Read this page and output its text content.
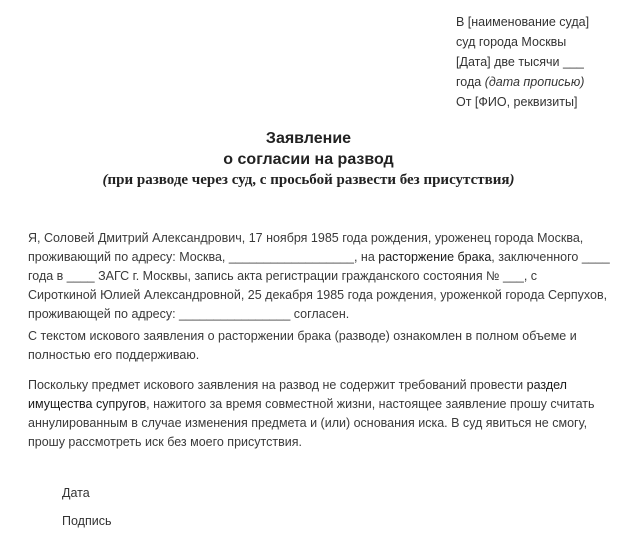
В [наименование суда]
суд города Москвы
[Дата] две тысячи ___
года (дата прописью)
От [ФИО, реквизиты]
Заявление
о согласии на развод
(при разводе через суд, с просьбой развести без присутствия)
Я, Соловей Дмитрий Александрович, 17 ноября 1985 года рождения, уроженец города Москва,
проживающий по адресу: Москва, __________________, на расторжение брака, заключенного ____
года в ____ ЗАГС г. Москвы, запись акта регистрации гражданского состояния № ___, с
Сироткиной Юлией Александровной, 25 декабря 1985 года рождения, уроженкой города Серпухов,
проживающей по адресу: ________________ согласен.
С текстом искового заявления о расторжении брака (разводе) ознакомлен в полном объеме и
полностью его поддерживаю.
Поскольку предмет искового заявления на развод не содержит требований провести раздел
имущества супругов, нажитого за время совместной жизни, настоящее заявление прошу считать
аннулированным в случае изменения предмета и (или) основания иска. В суд явиться не смогу,
прошу рассмотреть иск без моего присутствия.
Дата
Подпись
